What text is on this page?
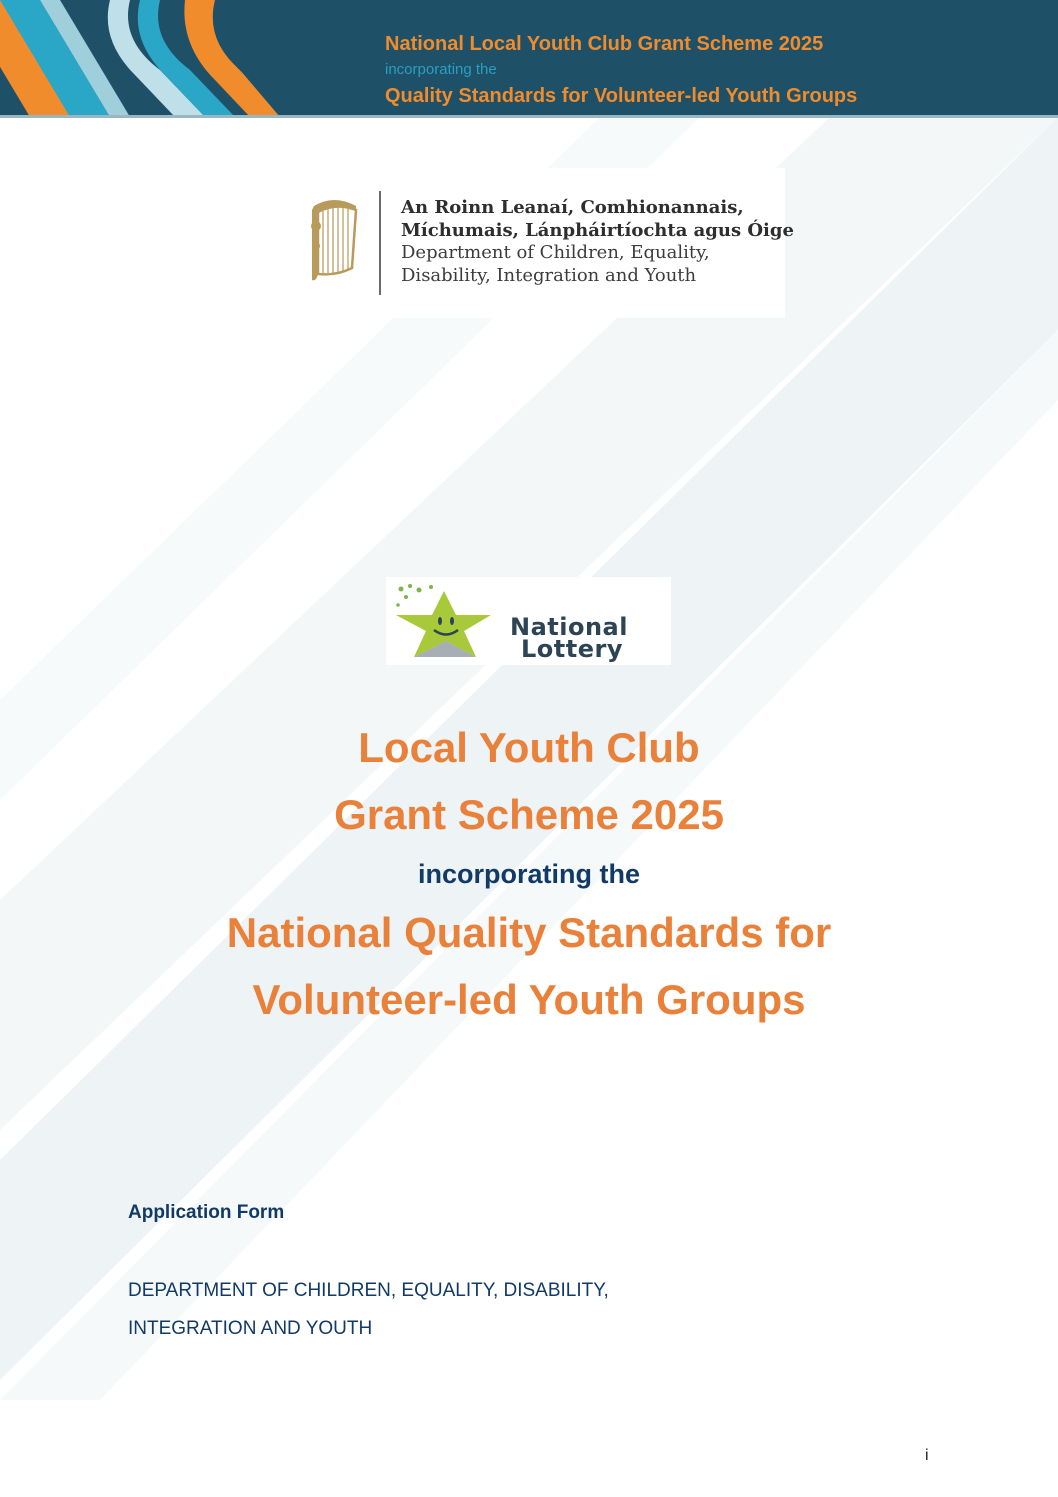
National Local Youth Club Grant Scheme 2025
incorporating the
Quality Standards for Volunteer-led Youth Groups
An Roinn Leanaí, Comhionannais,
Míchumais, Lánpháirtíochta agus Óige
Department of Children, Equality,
Disability, Integration and Youth
National
Lottery
Local Youth Club
Grant Scheme 2025
incorporating the
National Quality Standards for
Volunteer-led Youth Groups
Application Form
DEPARTMENT OF CHILDREN, EQUALITY, DISABILITY,
INTEGRATION AND YOUTH
i
